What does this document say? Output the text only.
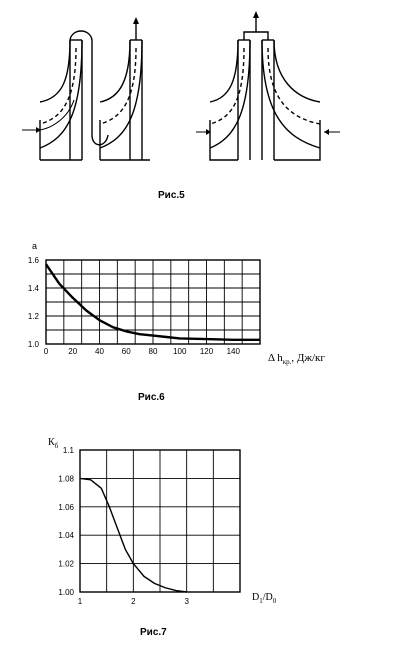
Рис.5
а
0	20 40 60 80 100 120 140
1.0
1.2
1.4
1.6
Δ $h_{кр.}$, Дж/кг
Рис.6
$К_б$
1	2	3
1.00
1.02
1.04
1.06
1.08
1.1
$D_1/D_0$
Рис.7
